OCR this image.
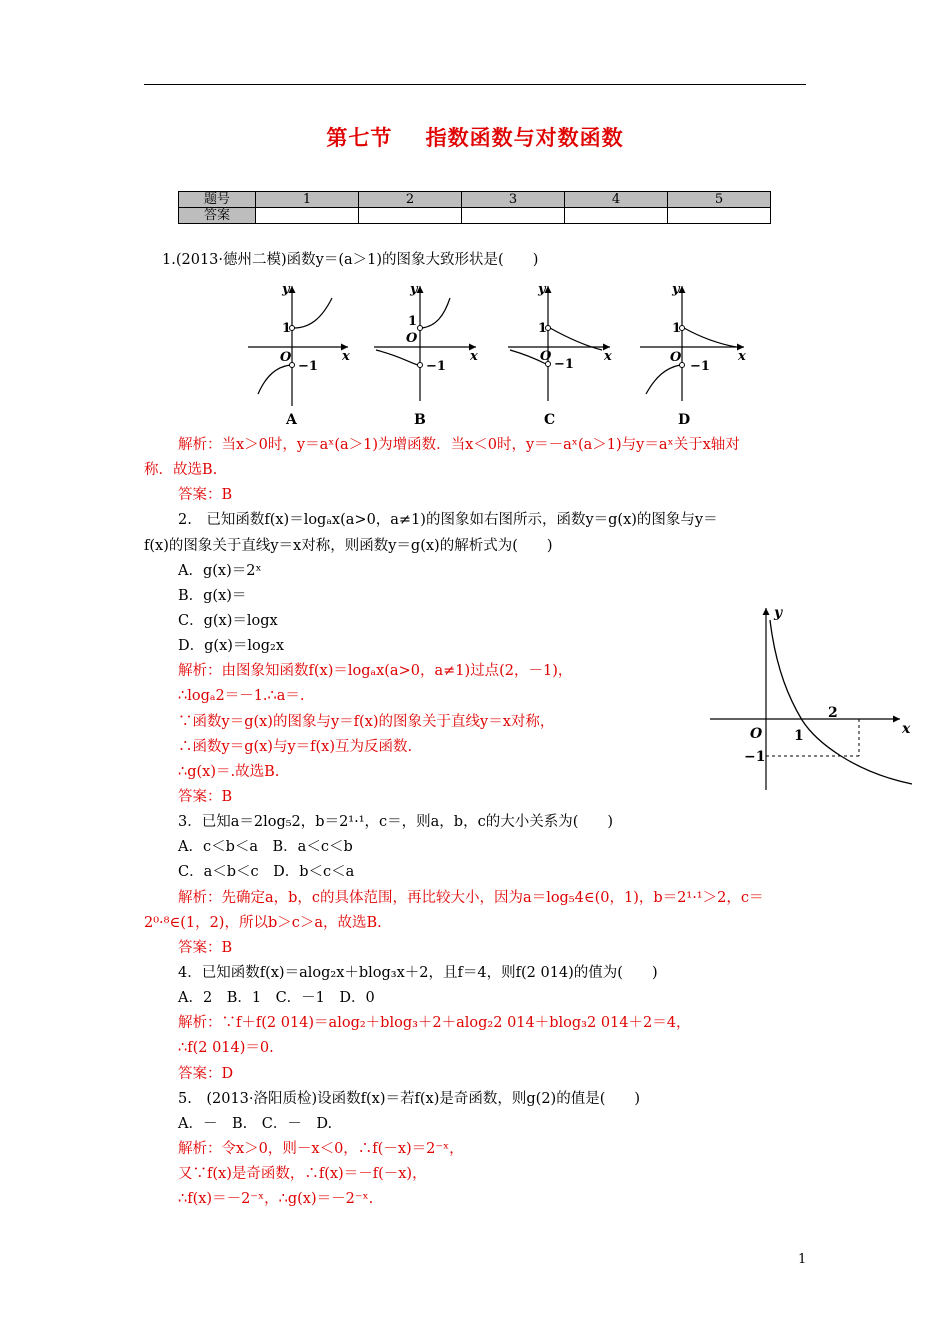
第七节    指数函数与对数函数
题号	1	2	3	4	5
答案					
1.(2013·德州二模)函数y＝(a＞1)的图象大致形状是(　　)
y
x
O
1
−1
A
y
x
O
1
−1
B
y
x
O
1
−1
C
y
x
O
1
−1
D
解析：当x＞0时，y＝aˣ(a＞1)为增函数．当x＜0时，y＝－aˣ(a＞1)与y＝aˣ关于x轴对
称．故选B.
答案：B
2.　已知函数f(x)＝logₐx(a>0，a≠1)的图象如右图所示，函数y＝g(x)的图象与y＝
f(x)的图象关于直线y＝x对称，则函数y＝g(x)的解析式为(　　)
A．g(x)＝2ˣ
B．g(x)＝
C．g(x)＝logx
D．g(x)＝log₂x
解析：由图象知函数f(x)＝logₐx(a>0，a≠1)过点(2，－1)，
∴logₐ2＝－1.∴a＝.
∵函数y＝g(x)的图象与y＝f(x)的图象关于直线y＝x对称，
∴函数y＝g(x)与y＝f(x)互为反函数.
∴g(x)＝.故选B.
答案：B
y
x
O 1
2
−1
3．已知a＝2log₅2，b＝2¹·¹，c＝，则a，b，c的大小关系为(　　)
A．c＜b＜a　B．a＜c＜b
C．a＜b＜c　D．b＜c＜a
解析：先确定a，b，c的具体范围，再比较大小，因为a＝log₅4∈(0，1)，b＝2¹·¹＞2，c＝
2⁰·⁸∈(1，2)，所以b＞c＞a，故选B.
答案：B
4．已知函数f(x)＝alog₂x＋blog₃x＋2，且f＝4，则f(2 014)的值为(　　)
A．2　B．1　C．－1　D．0
解析：∵f＋f(2 014)＝alog₂＋blog₃＋2＋alog₂2 014＋blog₃2 014＋2＝4，
∴f(2 014)＝0.
答案：D
5.　(2013·洛阳质检)设函数f(x)＝若f(x)是奇函数，则g(2)的值是(　　)
A．－　B.　C．－　D.
解析：令x＞0，则－x＜0，∴f(－x)＝2⁻ˣ，
又∵f(x)是奇函数，∴f(x)＝－f(－x)，
∴f(x)＝－2⁻ˣ，∴g(x)＝－2⁻ˣ.
1
